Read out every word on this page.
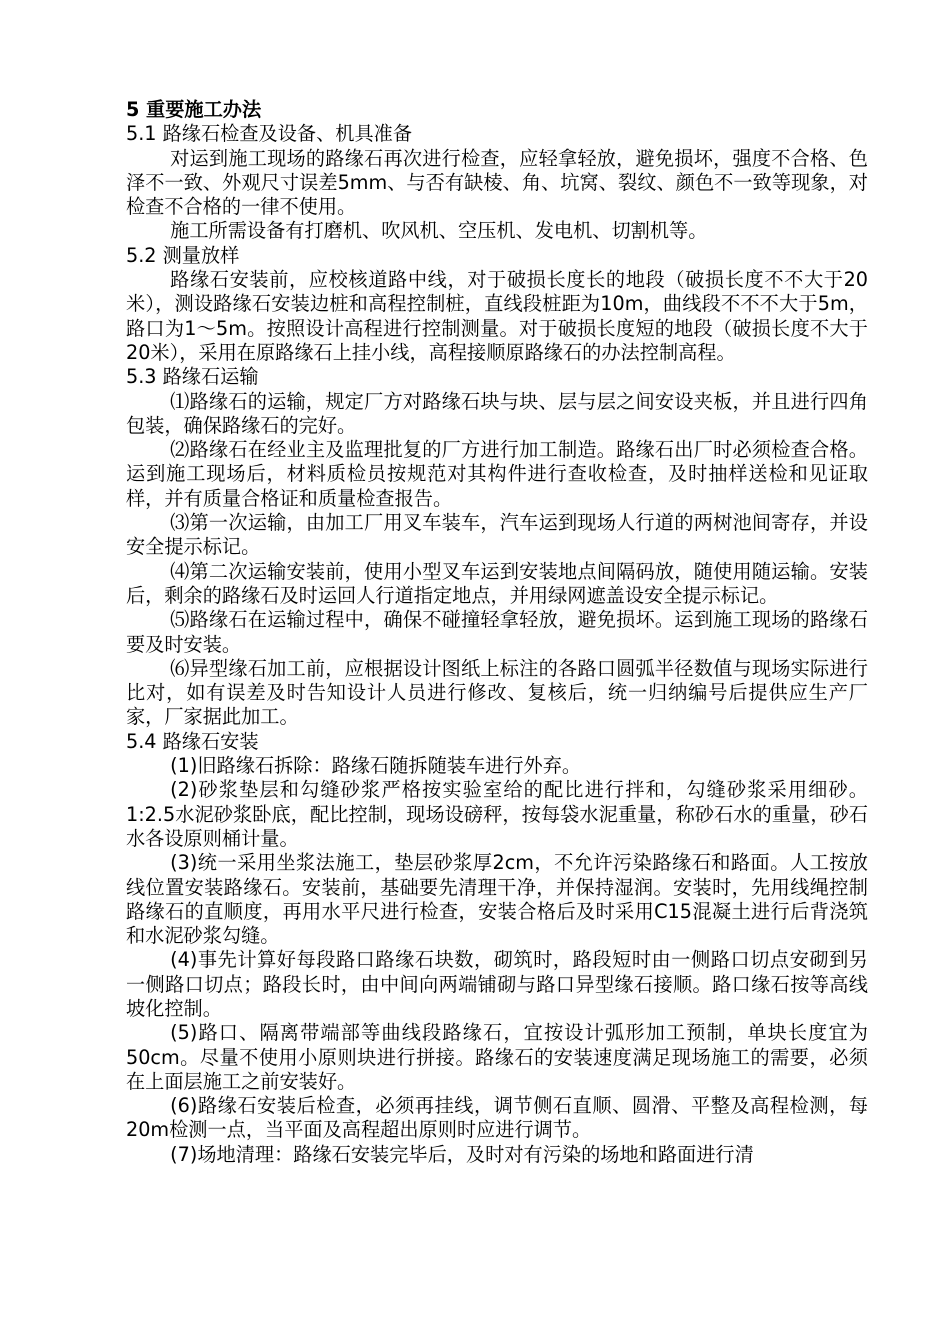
5 重要施工办法

5.1 路缘石检查及设备、机具准备

对运到施工现场的路缘石再次进行检查，应轻拿轻放，避免损坏，强度不合格、色泽不一致、外观尺寸误差5mm、与否有缺棱、角、坑窝、裂纹、颜色不一致等现象，对检查不合格的一律不使用。

施工所需设备有打磨机、吹风机、空压机、发电机、切割机等。

5.2 测量放样

路缘石安装前，应校核道路中线，对于破损长度长的地段（破损长度不不大于20米），测设路缘石安装边桩和高程控制桩，直线段桩距为10m，曲线段不不不大于5m，路口为1～5m。按照设计高程进行控制测量。对于破损长度短的地段（破损长度不大于20米），采用在原路缘石上挂小线，高程接顺原路缘石的办法控制高程。

5.3 路缘石运输

⑴路缘石的运输，规定厂方对路缘石块与块、层与层之间安设夹板，并且进行四角包装，确保路缘石的完好。

⑵路缘石在经业主及监理批复的厂方进行加工制造。路缘石出厂时必须检查合格。运到施工现场后，材料质检员按规范对其构件进行查收检查，及时抽样送检和见证取样，并有质量合格证和质量检查报告。

⑶第一次运输，由加工厂用叉车装车，汽车运到现场人行道的两树池间寄存，并设安全提示标记。

⑷第二次运输安装前，使用小型叉车运到安装地点间隔码放，随使用随运输。安装后，剩余的路缘石及时运回人行道指定地点，并用绿网遮盖设安全提示标记。

⑸路缘石在运输过程中，确保不碰撞轻拿轻放，避免损坏。运到施工现场的路缘石要及时安装。

⑹异型缘石加工前，应根据设计图纸上标注的各路口圆弧半径数值与现场实际进行比对，如有误差及时告知设计人员进行修改、复核后，统一归纳编号后提供应生产厂家，厂家据此加工。

5.4 路缘石安装

(1)旧路缘石拆除：路缘石随拆随装车进行外弃。

(2)砂浆垫层和勾缝砂浆严格按实验室给的配比进行拌和，勾缝砂浆采用细砂。1:2.5水泥砂浆卧底，配比控制，现场设磅秤，按每袋水泥重量，称砂石水的重量，砂石水各设原则桶计量。

(3)统一采用坐浆法施工，垫层砂浆厚2cm，不允许污染路缘石和路面。人工按放线位置安装路缘石。安装前，基础要先清理干净，并保持湿润。安装时，先用线绳控制路缘石的直顺度，再用水平尺进行检查，安装合格后及时采用C15混凝土进行后背浇筑和水泥砂浆勾缝。

(4)事先计算好每段路口路缘石块数，砌筑时，路段短时由一侧路口切点安砌到另一侧路口切点；路段长时，由中间向两端铺砌与路口异型缘石接顺。路口缘石按等高线坡化控制。

(5)路口、隔离带端部等曲线段路缘石，宜按设计弧形加工预制，单块长度宜为50cm。尽量不使用小原则块进行拼接。路缘石的安装速度满足现场施工的需要，必须在上面层施工之前安装好。

(6)路缘石安装后检查，必须再挂线，调节侧石直顺、圆滑、平整及高程检测，每20m检测一点，当平面及高程超出原则时应进行调节。

(7)场地清理：路缘石安装完毕后，及时对有污染的场地和路面进行清
